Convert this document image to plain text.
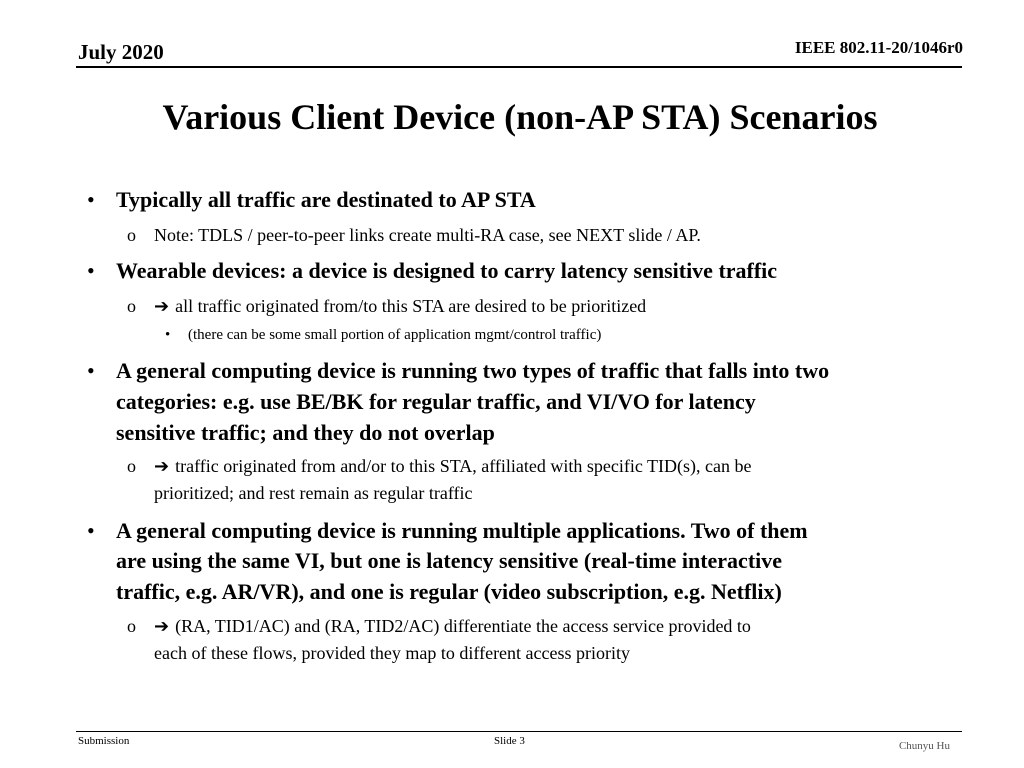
July 2020	IEEE 802.11-20/1046r0
Various Client Device (non-AP STA) Scenarios
• Typically all traffic are destinated to AP STA
o Note: TDLS / peer-to-peer links create multi-RA case, see NEXT slide / AP.
• Wearable devices: a device is designed to carry latency sensitive traffic
o ➔ all traffic originated from/to this STA are desired to be prioritized
• (there can be some small portion of application mgmt/control traffic)
• A general computing device is running two types of traffic that falls into two
categories: e.g. use BE/BK for regular traffic, and VI/VO for latency
sensitive traffic; and they do not overlap
o ➔ traffic originated from and/or to this STA, affiliated with specific TID(s), can be
prioritized; and rest remain as regular traffic
• A general computing device is running multiple applications. Two of them
are using the same VI, but one is latency sensitive (real-time interactive
traffic, e.g. AR/VR), and one is regular (video subscription, e.g. Netflix)
o ➔ (RA, TID1/AC) and (RA, TID2/AC) differentiate the access service provided to
each of these flows, provided they map to different access priority
Submission	Slide 3	Chunyu Hu
